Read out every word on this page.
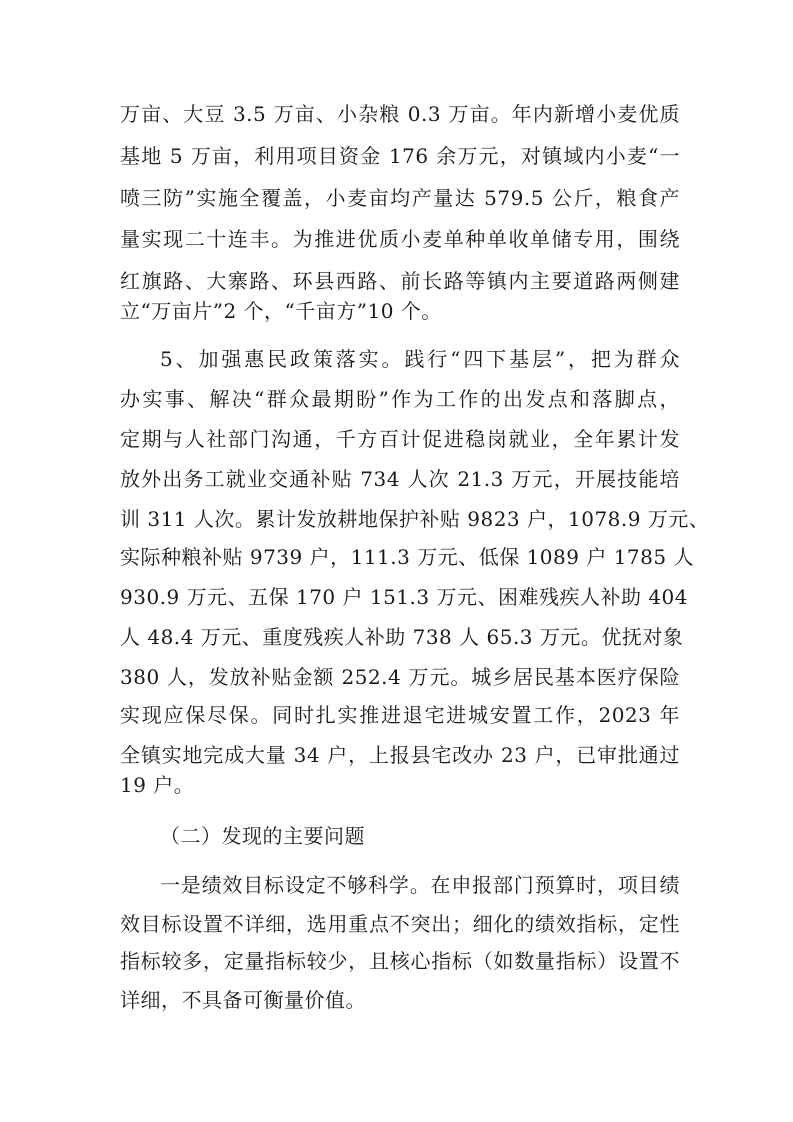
万亩、大豆 3.5 万亩、小杂粮 0.3 万亩。年内新增小麦优质
基地 5 万亩，利用项目资金 176 余万元，对镇域内小麦“一
喷三防”实施全覆盖，小麦亩均产量达 579.5 公斤，粮食产
量实现二十连丰。为推进优质小麦单种单收单储专用，围绕
红旗路、大寨路、环县西路、前长路等镇内主要道路两侧建
立“万亩片”2 个，“千亩方”10 个。
5、加强惠民政策落实。践行“四下基层”，把为群众
办实事、解决“群众最期盼”作为工作的出发点和落脚点，
定期与人社部门沟通，千方百计促进稳岗就业，全年累计发
放外出务工就业交通补贴 734 人次 21.3 万元，开展技能培
训 311 人次。累计发放耕地保护补贴 9823 户，1078.9 万元、
实际种粮补贴 9739 户，111.3 万元、低保 1089 户 1785 人
930.9 万元、五保 170 户 151.3 万元、困难残疾人补助 404
人 48.4 万元、重度残疾人补助 738 人 65.3 万元。优抚对象
380 人，发放补贴金额 252.4 万元。城乡居民基本医疗保险
实现应保尽保。同时扎实推进退宅进城安置工作，2023 年
全镇实地完成大量 34 户，上报县宅改办 23 户，已审批通过
19 户。
（二）发现的主要问题
一是绩效目标设定不够科学。在申报部门预算时，项目绩
效目标设置不详细，选用重点不突出；细化的绩效指标，定性
指标较多，定量指标较少，且核心指标（如数量指标）设置不
详细，不具备可衡量价值。
